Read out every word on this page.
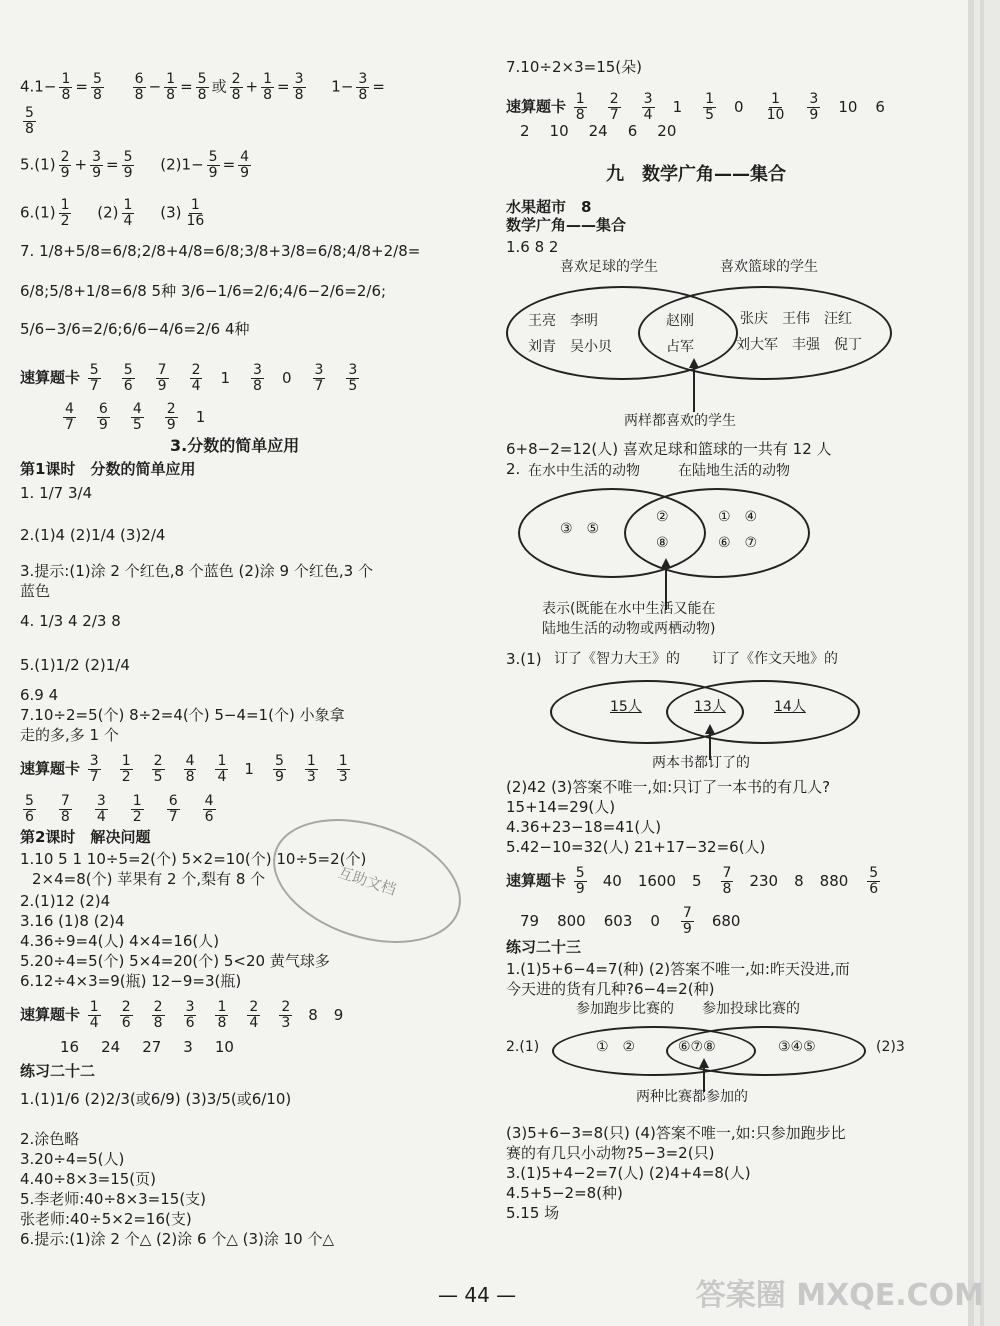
$4.1- \frac{1}{8} = \frac{5}{8}$
$\frac{6}{8} - \frac{1}{8} = \frac{5}{8}$ 或 $\frac{2}{8} + \frac{1}{8} = \frac{3}{8} 1- \frac{3}{8}$ =
$\frac{5}{8}$
$5.(1) \frac{2}{9} + \frac{3}{9} = \frac{5}{9} (2)1- \frac{5}{9} = \frac{4}{9}$
$6.(1) \frac{1}{2} (2) \frac{1}{4} (3) \frac{1}{16}$
7. 1/8+5/8=6/8;2/8+4/8=6/8;3/8+3/8=6/8;4/8+2/8=
6/8;5/8+1/8=6/8 5种 3/6−1/6=2/6;4/6−2/6=2/6;
5/6−3/6=2/6;6/6−4/6=2/6 4种
速算题卡 $\frac{5}{7} \frac{5}{6} \frac{7}{9} \frac{2}{4} 1 \frac{3}{8} 0 \frac{3}{7} \frac{3}{5}$
$\frac{4}{7} \frac{6}{9} \frac{4}{5} \frac{2}{9} 1$
3.分数的简单应用
第1课时　分数的简单应用
1. 1/7 3/4
2.(1)4 (2)1/4 (3)2/4
3.提示:(1)涂 2 个红色,8 个蓝色 (2)涂 9 个红色,3 个
蓝色
4. 1/3 4 2/3 8
5.(1)1/2 (2)1/4
6.9 4
7.10÷2=5(个) 8÷2=4(个) 5−4=1(个) 小象拿
走的多,多 1 个
速算题卡 $\frac{3}{7} \frac{1}{2} \frac{2}{5} \frac{4}{8} \frac{1}{4} 1 \frac{5}{9} \frac{1}{3} \frac{1}{3}$
$\frac{5}{6} \frac{7}{8} \frac{3}{4} \frac{1}{2} \frac{6}{7} \frac{4}{6}$
第2课时　解决问题
1.10 5 1 10÷5=2(个) 5×2=10(个) 10÷5=2(个)
2×4=8(个) 苹果有 2 个,梨有 8 个
2.(1)12 (2)4
3.16 (1)8 (2)4
4.36÷9=4(人) 4×4=16(人)
5.20÷4=5(个) 5×4=20(个) 5<20 黄气球多
6.12÷4×3=9(瓶) 12−9=3(瓶)
速算题卡 $\frac{1}{4} \frac{2}{6} \frac{2}{8} \frac{3}{6} \frac{1}{8} \frac{2}{4} \frac{2}{3} 8$ 9
16 24 27 3 10
练习二十二
1.(1)1/6 (2)2/3(或6/9) (3)3/5(或6/10)
2.涂色略
3.20÷4=5(人)
4.40÷8×3=15(页)
5.李老师:40÷8×3=15(支)
张老师:40÷5×2=16(支)
6.提示:(1)涂 2 个△ (2)涂 6 个△ (3)涂 10 个△
7.10÷2×3=15(朵)
速算题卡 $\frac{1}{8} \frac{2}{7} \frac{3}{4} 1 \frac{1}{5} 0 \frac{1}{10} \frac{3}{9} 10$ 6
2 10 24 6 20
九　数学广角——集合
水果超市　8
数学广角——集合
1.6 8 2
喜欢足球的学生	喜欢篮球的学生
王亮　李明
刘青　吴小贝
赵刚
占军
张庆　王伟　汪红
刘大军　丰强　倪丁
两样都喜欢的学生
6+8−2=12(人) 喜欢足球和篮球的一共有 12 人
2. 在水中生活的动物	在陆地生活的动物
③　⑤
②
⑧
①　④
⑥　⑦
表示(既能在水中生活又能在
陆地生活的动物或两栖动物)
3.(1) 订了《智力大王》的 订了《作文天地》的
15人	13人	14人
两本书都订了的
(2)42 (3)答案不唯一,如:只订了一本书的有几人?
15+14=29(人)
4.36+23−18=41(人)
5.42−10=32(人) 21+17−32=6(人)
速算题卡 $\frac{5}{9} 40$ 1600 $5 \frac{7}{8} 230$ 8 $880 \frac{5}{6}$
79 800 603 $0 \frac{7}{9} 680$
练习二十三
1.(1)5+6−4=7(种) (2)答案不唯一,如:昨天没进,而
今天进的货有几种?6−4=2(种)
参加跑步比赛的 参加投球比赛的
2.(1)	①　②	⑥⑦⑧	③④⑤	(2)3
两种比赛都参加的
(3)5+6−3=8(只) (4)答案不唯一,如:只参加跑步比
赛的有几只小动物?5−3=2(只)
3.(1)5+4−2=7(人) (2)4+4=8(人)
4.5+5−2=8(种)
5.15 场
互助文档
— 44 —	答案圈 MXQE.COM
